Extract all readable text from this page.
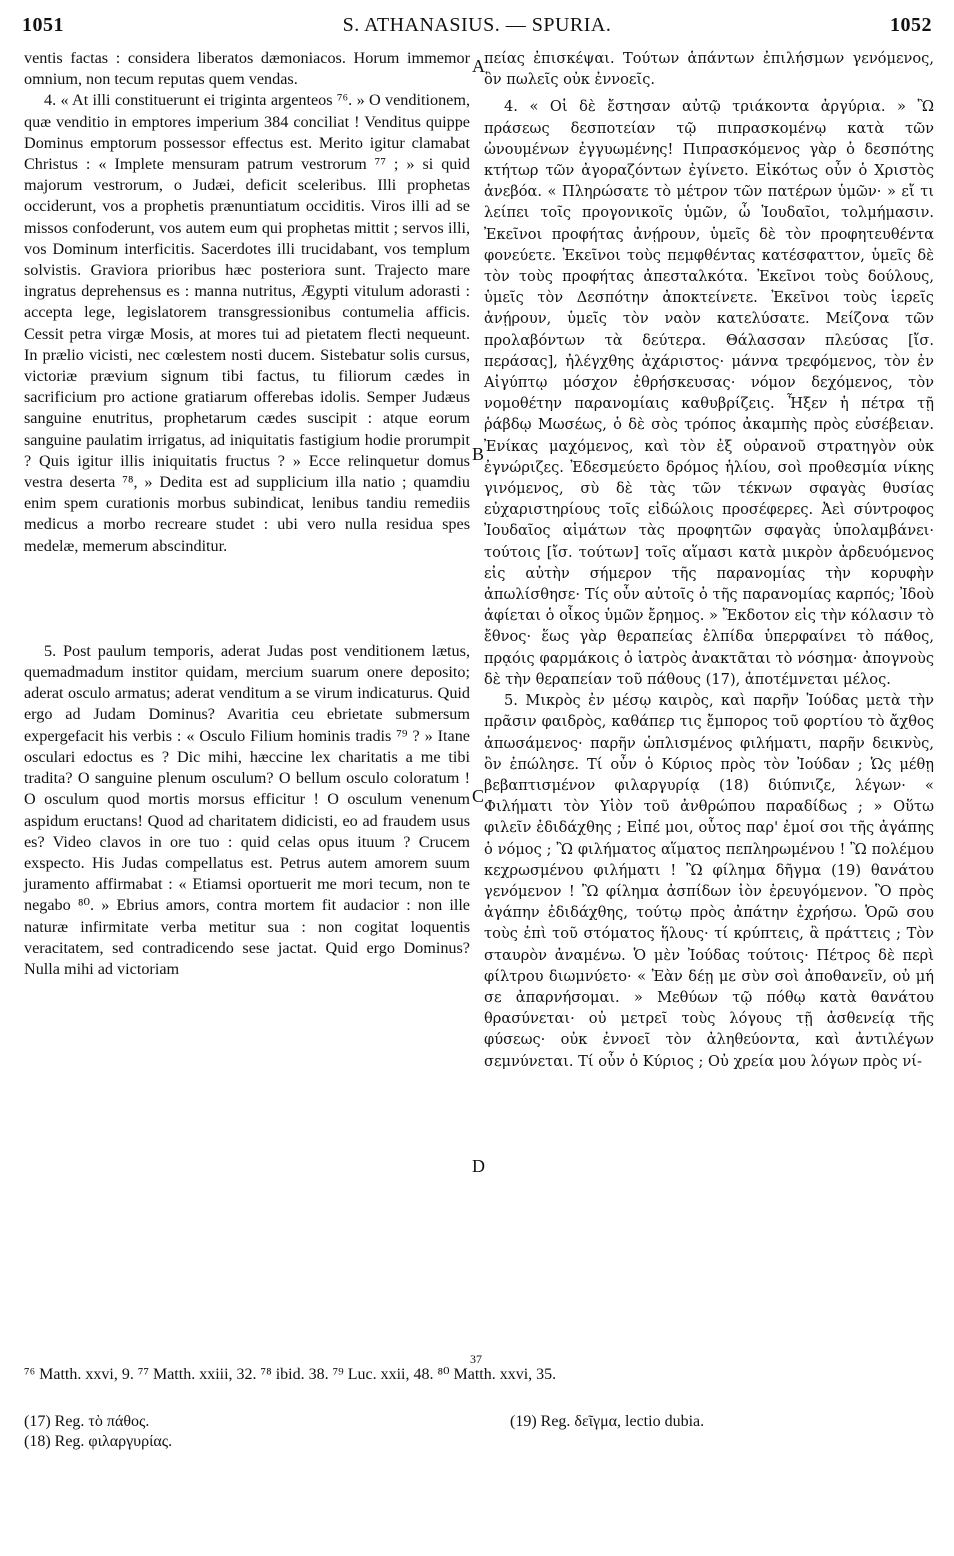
1051	S. ATHANASIUS. — SPURIA.	1052

ventis factas : considera liberatos dæmoniacos. Horum immemor omnium, non tecum reputas quem vendas.

4. « At illi constituerunt ei triginta argenteos ⁷⁶. » O venditionem, quæ venditio in emptores imperium 384 conciliat ! Venditus quippe Dominus emptorum possessor effectus est. Merito igitur clamabat Christus : « Implete mensuram patrum vestrorum ⁷⁷ ; » si quid majorum vestrorum, o Judæi, deficit sceleribus. Illi prophetas occiderunt, vos a prophetis prænuntiatum occiditis. Viros illi ad se missos confoderunt, vos autem eum qui prophetas mittit ; servos illi, vos Dominum interficitis. Sacerdotes illi trucidabant, vos templum solvistis. Graviora prioribus hæc posteriora sunt. Trajecto mare ingratus deprehensus es : manna nutritus, Ægypti vitulum adorasti : accepta lege, legislatorem transgressionibus contumelia afficis. Cessit petra virgæ Mosis, at mores tui ad pietatem flecti nequeunt. In prælio vicisti, nec cœlestem nosti ducem. Sistebatur solis cursus, victoriæ prævium signum tibi factus, tu filiorum cædes in sacrificium pro actione gratiarum offerebas idolis. Semper Judæus sanguine enutritus, prophetarum cædes suscipit : atque eorum sanguine paulatim irrigatus, ad iniquitatis fastigium hodie prorumpit ? Quis igitur illis iniquitatis fructus ? » Ecce relinquetur domus vestra deserta ⁷⁸, » Dedita est ad supplicium illa natio ; quamdiu enim spem curationis morbus subindicat, lenibus tandiu remediis medicus a morbo recreare studet : ubi vero nulla residua spes medelæ, memerum abscinditur.

5. Post paulum temporis, aderat Judas post venditionem lætus, quemadmadum institor quidam, mercium suarum onere deposito; aderat osculo armatus; aderat venditum a se virum indicaturus. Quid ergo ad Judam Dominus? Avaritia ceu ebrietate submersum expergefacit his verbis : « Osculo Filium hominis tradis ⁷⁹ ? » Itane osculari edoctus es ? Dic mihi, hæccine lex charitatis a me tibi tradita? O sanguine plenum osculum? O bellum osculo coloratum ! O osculum quod mortis morsus efficitur ! O osculum venenum aspidum eructans! Quod ad charitatem didicisti, eo ad fraudem usus es? Video clavos in ore tuo : quid celas opus ituum ? Crucem exspecto. His Judas compellatus est. Petrus autem amorem suum juramento affirmabat : « Etiamsi oportuerit me mori tecum, non te negabo ⁸⁰. » Ebrius amors, contra mortem fit audacior : non ille naturæ infirmitate verba metitur sua : non cogitat loquentis veracitatem, sed contradicendo sese jactat. Quid ergo Dominus? Nulla mihi ad victoriam

πείας ἐπισκέψαι. Τούτων ἁπάντων ἐπιλήσμων γενόμενος, ὃν πωλεῖς οὐκ ἐννοεῖς.

4. « Οἱ δὲ ἔστησαν αὐτῷ τριάκοντα ἀργύρια. » Ὢ πράσεως δεσποτείαν τῷ πιπρασκομένῳ κατὰ τῶν ὠνουμένων ἐγγυωμένης! Πιπρασκόμενος γὰρ ὁ δεσπότης κτήτωρ τῶν ἀγοραζόντων ἐγίνετο. Εἰκότως οὖν ὁ Χριστὸς ἀνεβόα. « Πληρώσατε τὸ μέτρον τῶν πατέρων ὑμῶν· » εἴ τι λείπει τοῖς προγονικοῖς ὑμῶν, ὦ Ἰουδαῖοι, τολμήμασιν. Ἐκεῖνοι προφήτας ἀνῄρουν, ὑμεῖς δὲ τὸν προφητευθέντα φονεύετε. Ἐκεῖνοι τοὺς πεμφθέντας κατέσφαττον, ὑμεῖς δὲ τὸν τοὺς προφήτας ἀπεσταλκότα. Ἐκεῖνοι τοὺς δούλους, ὑμεῖς τὸν Δεσπότην ἀποκτείνετε. Ἐκεῖνοι τοὺς ἱερεῖς ἀνῄρουν, ὑμεῖς τὸν ναὸν κατελύσατε. Μείζονα τῶν προλαβόντων τὰ δεύτερα. Θάλασσαν πλεύσας [ἴσ. περάσας], ἠλέγχθης ἀχάριστος· μάννα τρεφόμενος, τὸν ἐν Αἰγύπτῳ μόσχον ἐθρήσκευσας· νόμον δεχόμενος, τὸν νομοθέτην παρανομίαις καθυβρίζεις. Ἦξεν ἡ πέτρα τῇ ῥάβδῳ Μωσέως, ὁ δὲ σὸς τρόπος ἀκαμπὴς πρὸς εὐσέβειαν. Ἐνίκας μαχόμενος, καὶ τὸν ἐξ οὐρανοῦ στρατηγὸν οὐκ ἐγνώριζες. Ἐδεσμεύετο δρόμος ἡλίου, σοὶ προθεσμία νίκης γινόμενος, σὺ δὲ τὰς τῶν τέκνων σφαγὰς θυσίας εὐχαριστηρίους τοῖς εἰδώλοις προσέφερες. Ἀεὶ σύντροφος Ἰουδαῖος αἱμάτων τὰς προφητῶν σφαγὰς ὑπολαμβάνει· τούτοις [ἴσ. τούτων] τοῖς αἵμασι κατὰ μικρὸν ἀρδευόμενος εἰς αὐτὴν σήμερον τῆς παρανομίας τὴν κορυφὴν ἀπωλίσθησε· Τίς οὖν αὐτοῖς ὁ τῆς παρανομίας καρπός; Ἰδοὺ ἀφίεται ὁ οἶκος ὑμῶν ἔρημος. » Ἔκδοτον εἰς τὴν κόλασιν τὸ ἔθνος· ἕως γὰρ θεραπείας ἐλπίδα ὑπερφαίνει τὸ πάθος, πρᾳόις φαρμάκοις ὁ ἰατρὸς ἀνακτᾶται τὸ νόσημα· ἀπογνοὺς δὲ τὴν θεραπείαν τοῦ πάθους (17), ἀποτέμνεται μέλος.

5. Μικρὸς ἐν μέσῳ καιρὸς, καὶ παρῆν Ἰούδας μετὰ τὴν πρᾶσιν φαιδρὸς, καθάπερ τις ἔμπορος τοῦ φορτίου τὸ ἄχθος ἀπωσάμενος· παρῆν ὡπλισμένος φιλήματι, παρῆν δεικνὺς, ὃν ἐπώλησε. Τί οὖν ὁ Κύριος πρὸς τὸν Ἰούδαν ; Ὡς μέθῃ βεβαπτισμένον φιλαργυρίᾳ (18) διύπνιζε, λέγων· « Φιλήματι τὸν Υἱὸν τοῦ ἀνθρώπου παραδίδως ; » Οὕτω φιλεῖν ἐδιδάχθης ; Εἰπέ μοι, οὗτος παρ' ἐμοί σοι τῆς ἀγάπης ὁ νόμος ; Ὢ φιλήματος αἵματος πεπληρωμένου ! Ὢ πολέμου κεχρωσμένου φιλήματι ! Ὢ φίλημα δῆγμα (19) θανάτου γενόμενον ! Ὢ φίλημα ἀσπίδων ἰὸν ἐρευγόμενον. Ὃ πρὸς ἀγάπην ἐδιδάχθης, τούτῳ πρὸς ἀπάτην ἐχρήσω. Ὁρῶ σου τοὺς ἐπὶ τοῦ στόματος ἥλους· τί κρύπτεις, ἃ πράττεις ; Τὸν σταυρὸν ἀναμένω. Ὁ μὲν Ἰούδας τούτοις· Πέτρος δὲ περὶ φίλτρου διωμνύετο· « Ἐὰν δέῃ με σὺν σοὶ ἀποθανεῖν, οὐ μή σε ἀπαρνήσομαι. » Μεθύων τῷ πόθῳ κατὰ θανάτου θρασύνεται· οὐ μετρεῖ τοὺς λόγους τῇ ἀσθενείᾳ τῆς φύσεως· οὐκ ἐννοεῖ τὸν ἀληθεύοντα, καὶ ἀντιλέγων σεμνύνεται. Τί οὖν ὁ Κύριος ; Οὐ χρεία μου λόγων πρὸς νί-

A
B
C
D
⁷⁶ Matth. xxvi, 9. ⁷⁷ Matth. xxiii, 32. ⁷⁸ ibid. 38. ⁷⁹ Luc. xxii, 48. ⁸⁰ Matth. xxvi, 35.
37
(17) Reg. τὸ πάθος.
(18) Reg. φιλαργυρίας.
(19) Reg. δεῖγμα, lectio dubia.
